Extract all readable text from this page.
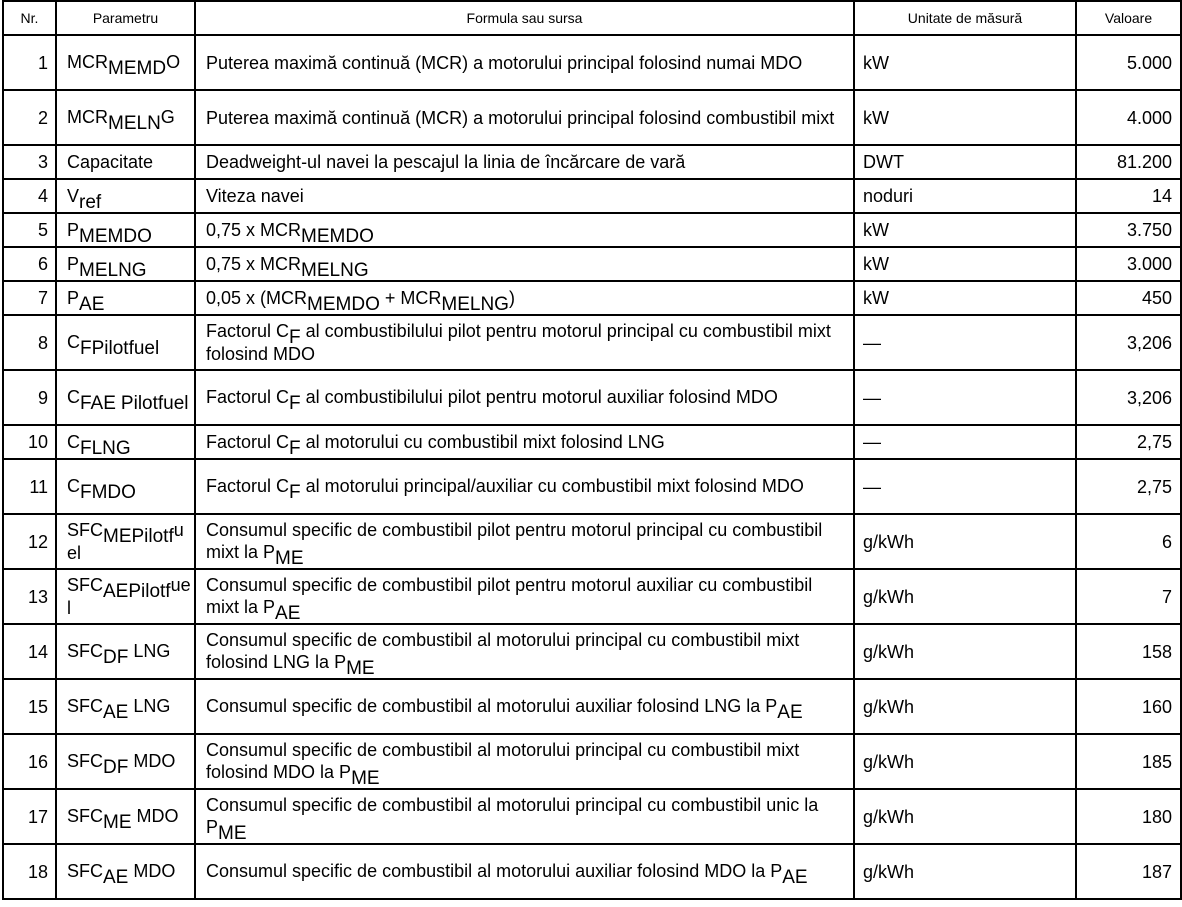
Nr.	Parametru	Formula sau sursa	Unitate de măsură	Valoare
1	MCRMEMDO	Puterea maximă continuă (MCR) a motorului principal folosind numai MDO	kW	5.000
2	MCRMELNG	Puterea maximă continuă (MCR) a motorului principal folosind combustibil mixt	kW	4.000
3	Capacitate	Deadweight-ul navei la pescajul la linia de încărcare de vară	DWT	81.200
4	Vref	Viteza navei	noduri	14
5	PMEMDO	0,75 x MCRMEMDO	kW	3.750
6	PMELNG	0,75 x MCRMELNG	kW	3.000
7	PAE	0,05 x (MCRMEMDO + MCRMELNG)	kW	450
8	CFPilotfuel	Factorul CF al combustibilului pilot pentru motorul principal cu combustibil mixt folosind MDO	—	3,206
9	CFAE Pilotfuel	Factorul CF al combustibilului pilot pentru motorul auxiliar folosind MDO	—	3,206
10	CFLNG	Factorul CF al motorului cu combustibil mixt folosind LNG	—	2,75
11	CFMDO	Factorul CF al motorului principal/auxiliar cu combustibil mixt folosind MDO	—	2,75
12	SFCMEPilotfuel	Consumul specific de combustibil pilot pentru motorul principal cu combustibil mixt la PME	g/kWh	6
13	SFCAEPilotfuel	Consumul specific de combustibil pilot pentru motorul auxiliar cu combustibil mixt la PAE	g/kWh	7
14	SFCDF LNG	Consumul specific de combustibil al motorului principal cu combustibil mixt folosind LNG la PME	g/kWh	158
15	SFCAE LNG	Consumul specific de combustibil al motorului auxiliar folosind LNG la PAE	g/kWh	160
16	SFCDF MDO	Consumul specific de combustibil al motorului principal cu combustibil mixt folosind MDO la PME	g/kWh	185
17	SFCME MDO	Consumul specific de combustibil al motorului principal cu combustibil unic la PME	g/kWh	180
18	SFCAE MDO	Consumul specific de combustibil al motorului auxiliar folosind MDO la PAE	g/kWh	187
